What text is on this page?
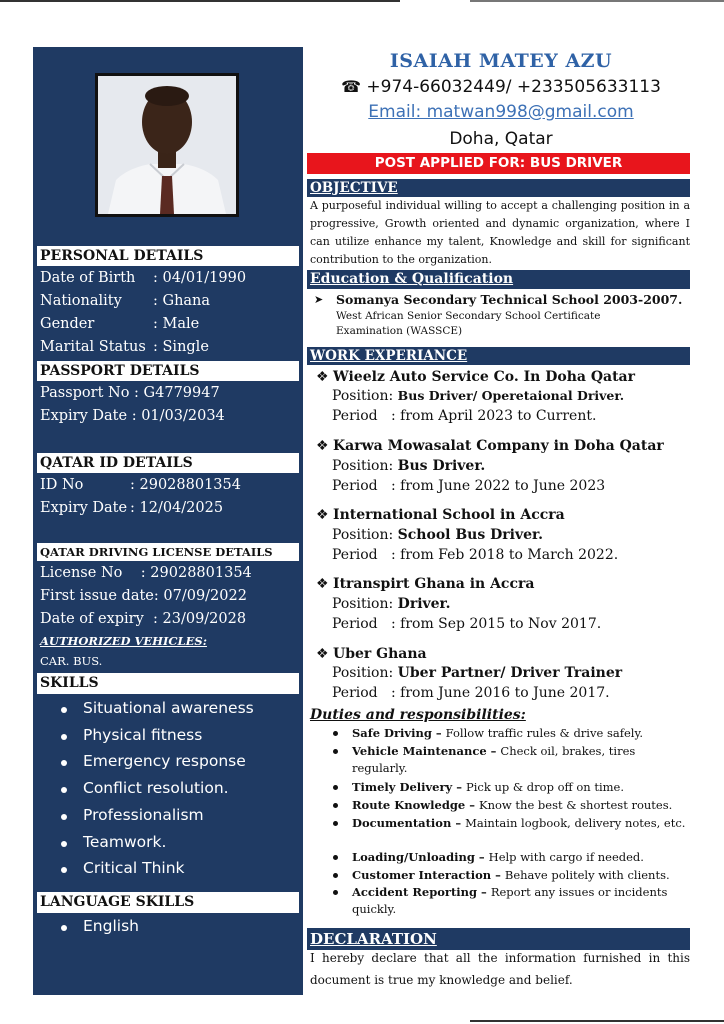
PERSONAL DETAILS
Date of Birth : 04/01/1990
Nationality : Ghana
Gender	: Male
Marital Status : Single
PASSPORT DETAILS
Passport No : G4779947
Expiry Date : 01/03/2034
QATAR ID DETAILS
ID No	: 29028801354
Expiry Date : 12/04/2025
QATAR DRIVING LICENSE DETAILS
License No    : 29028801354
First issue date: 07/09/2022
Date of expiry  : 23/09/2028
AUTHORIZED VEHICLES:
CAR. BUS.
SKILLS
Situational awareness
Physical fitness
Emergency response
Conflict resolution.
Professionalism
Teamwork.
Critical Think
LANGUAGE SKILLS
English
ISAIAH MATEY AZU
☎ +974-66032449/ +233505633113
Email: matwan998@gmail.com
Doha, Qatar
POST APPLIED FOR: BUS DRIVER
OBJECTIVE
A purposeful individual willing to accept a challenging position in a progressive, Growth oriented and dynamic organization, where I can utilize enhance my talent, Knowledge and skill for significant contribution to the organization.
Education & Qualification
➤ Somanya Secondary Technical School 2003-2007.
West African Senior Secondary School Certificate Examination (WASSCE)
WORK EXPERIANCE
❖ Wieelz Auto Service Co. In Doha Qatar
Position: Bus Driver/ Operetaional Driver.
Period   : from April 2023 to Current.
❖ Karwa Mowasalat Company in Doha Qatar
Position: Bus Driver.
Period   : from June 2022 to June 2023
❖ International School in Accra
Position: School Bus Driver.
Period   : from Feb 2018 to March 2022.
❖ Itranspirt Ghana in Accra
Position: Driver.
Period   : from Sep 2015 to Nov 2017.
❖ Uber Ghana
Position: Uber Partner/ Driver Trainer
Period   : from June 2016 to June 2017.
Duties and responsibilities:
Safe Driving – Follow traffic rules & drive safely.
Vehicle Maintenance – Check oil, brakes, tires regularly.
Timely Delivery – Pick up & drop off on time.
Route Knowledge – Know the best & shortest routes.
Documentation – Maintain logbook, delivery notes, etc.
Loading/Unloading – Help with cargo if needed.
Customer Interaction – Behave politely with clients.
Accident Reporting – Report any issues or incidents quickly.
DECLARATION
I hereby declare that all the information furnished in this document is true my knowledge and belief.
